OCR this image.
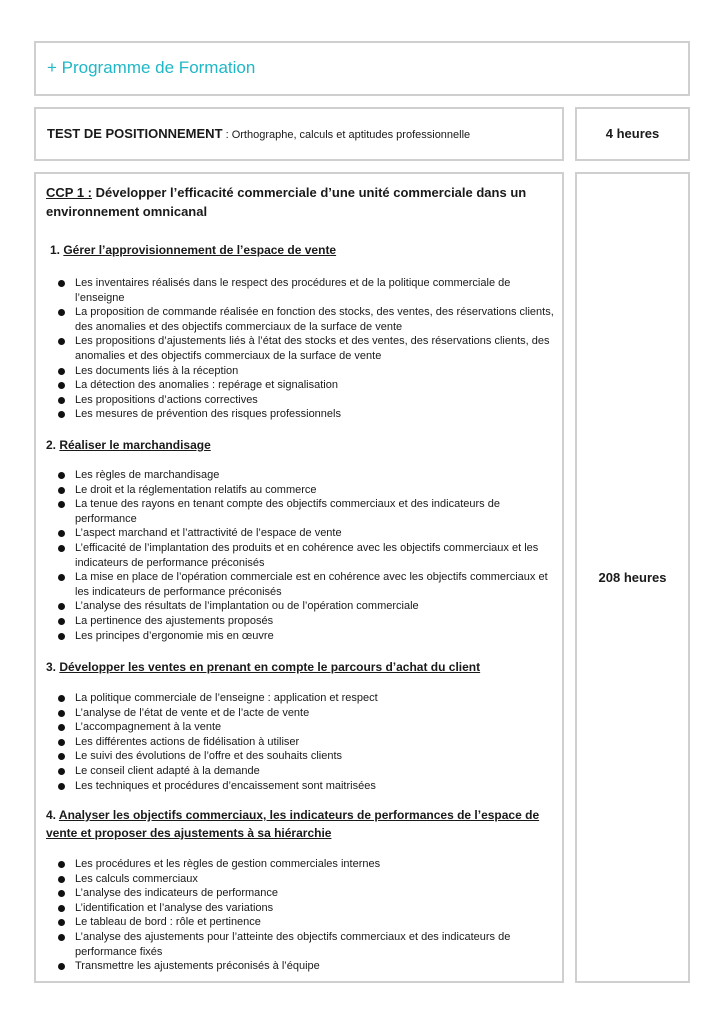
+ Programme de Formation
TEST DE POSITIONNEMENT : Orthographe, calculs et aptitudes professionnelle	4 heures
CCP 1 : Développer l’efficacité commerciale d’une unité commerciale dans un environnement omnicanal
1. Gérer l’approvisionnement de l’espace de vente
Les inventaires réalisés dans le respect des procédures et de la politique commerciale de l’enseigne
La proposition de commande réalisée en fonction des stocks, des ventes, des réservations clients, des anomalies et des objectifs commerciaux de la surface de vente
Les propositions d’ajustements liés à l’état des stocks et des ventes, des réservations clients, des anomalies et des objectifs commerciaux de la surface de vente
Les documents liés à la réception
La détection des anomalies : repérage et signalisation
Les propositions d’actions correctives
Les mesures de prévention des risques professionnels
2. Réaliser le marchandisage
Les règles de marchandisage
Le droit et la réglementation relatifs au commerce
La tenue des rayons en tenant compte des objectifs commerciaux et des indicateurs de performance
L’aspect marchand et l’attractivité de l’espace de vente
L’efficacité de l’implantation des produits et en cohérence avec les objectifs commerciaux et les indicateurs de performance préconisés
La mise en place de l’opération commerciale est en cohérence avec les objectifs commerciaux et les indicateurs de performance préconisés
L’analyse des résultats de l’implantation ou de l’opération commerciale
La pertinence des ajustements proposés
Les principes d’ergonomie mis en œuvre
3. Développer les ventes en prenant en compte le parcours d’achat du client
La politique commerciale de l’enseigne : application et respect
L’analyse de l’état de vente et de l’acte de vente
L’accompagnement à la vente
Les différentes actions de fidélisation à utiliser
Le suivi des évolutions de l’offre et des souhaits clients
Le conseil client adapté à la demande
Les techniques et procédures d’encaissement sont maitrisées
4. Analyser les objectifs commerciaux, les indicateurs de performances de l’espace de vente et proposer des ajustements à sa hiérarchie
Les procédures et les règles de gestion commerciales internes
Les calculs commerciaux
L’analyse des indicateurs de performance
L’identification et l’analyse des variations
Le tableau de bord : rôle et pertinence
L’analyse des ajustements pour l’atteinte des objectifs commerciaux et des indicateurs de performance fixés
Transmettre les ajustements préconisés à l’équipe
208 heures
